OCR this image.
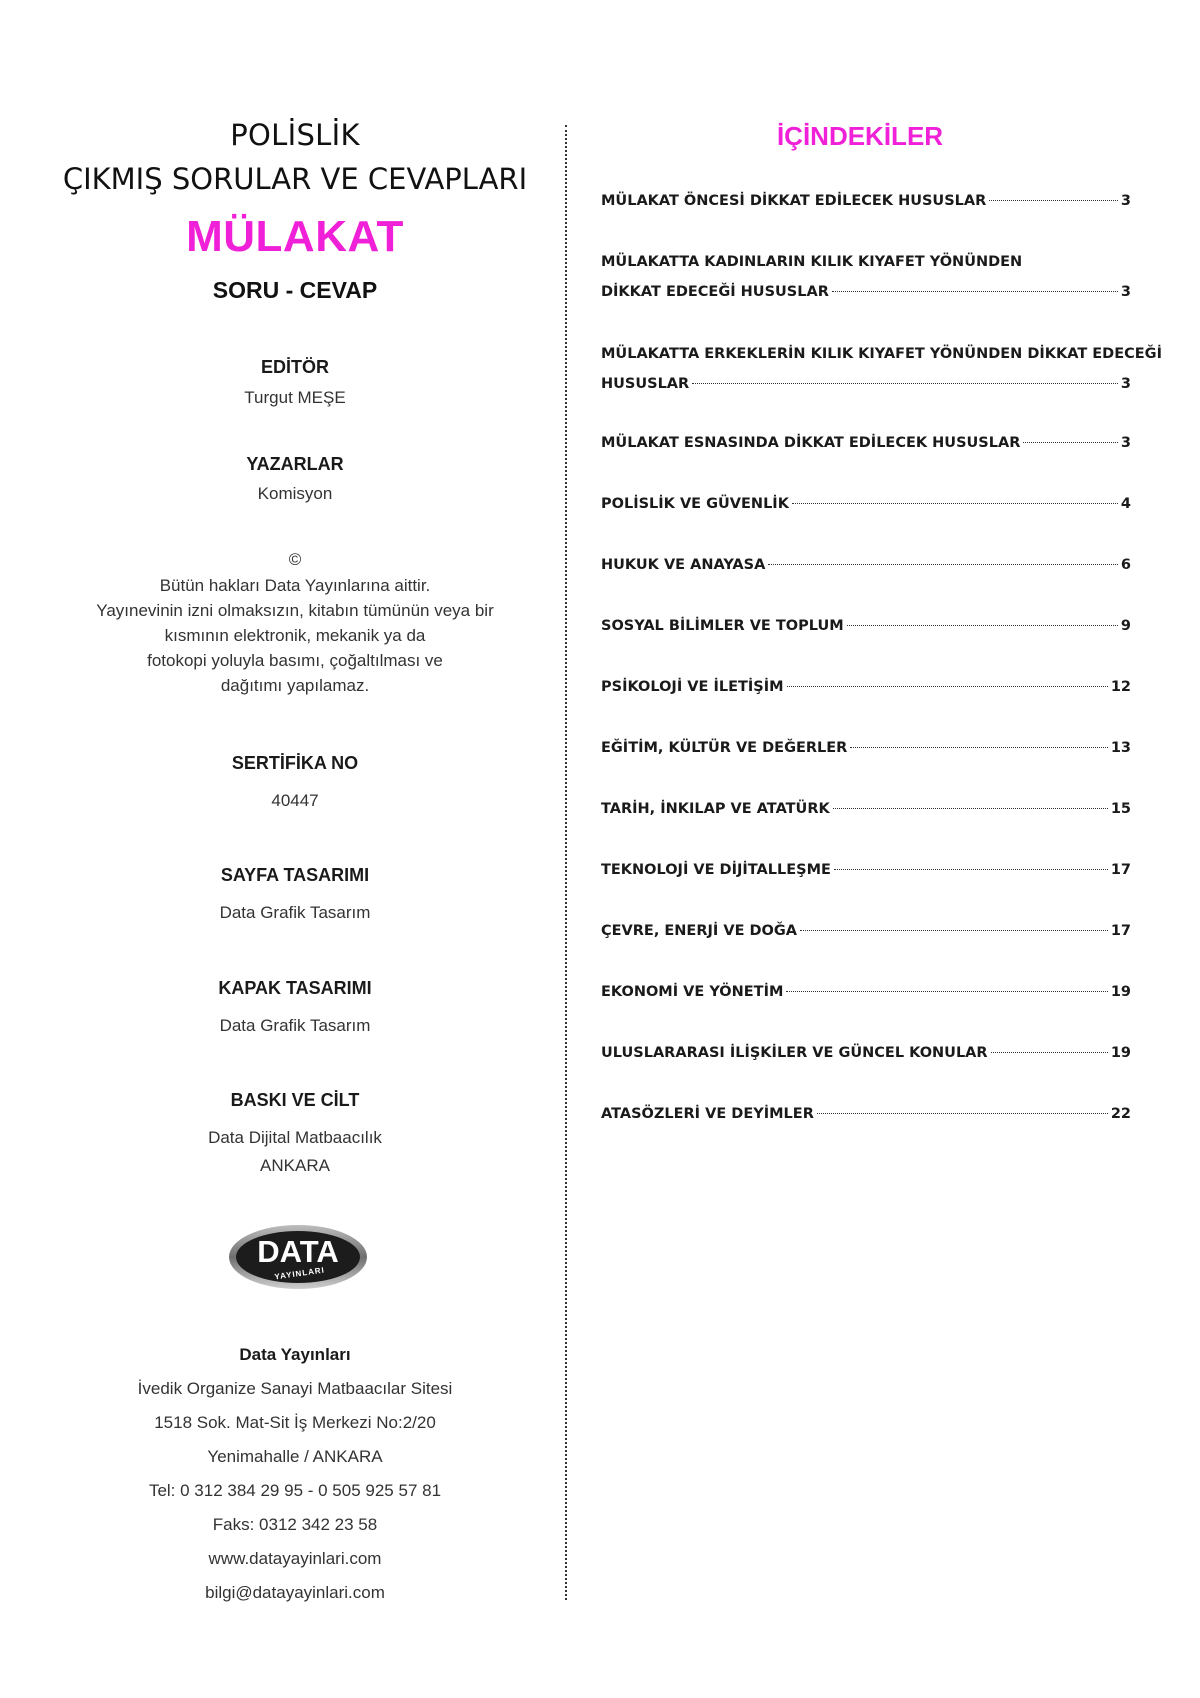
POLİSLİK
ÇIKMIŞ SORULAR VE CEVAPLARI
MÜLAKAT
SORU - CEVAP
EDİTÖR
Turgut MEŞE
YAZARLAR
Komisyon
©
Bütün hakları Data Yayınlarına aittir.
Yayınevinin izni olmaksızın, kitabın tümünün veya bir
kısmının elektronik, mekanik ya da
fotokopi yoluyla basımı, çoğaltılması ve
dağıtımı yapılamaz.
SERTİFİKA NO
40447
SAYFA TASARIMI
Data Grafik Tasarım
KAPAK TASARIMI
Data Grafik Tasarım
BASKI VE CİLT
Data Dijital Matbaacılık
ANKARA
DATA
YAYINLARI
Data Yayınları
İvedik Organize Sanayi Matbaacılar Sitesi
1518 Sok. Mat-Sit İş Merkezi No:2/20
Yenimahalle / ANKARA
Tel: 0 312 384 29 95 - 0 505 925 57 81
Faks: 0312 342 23 58
www.datayayinlari.com
bilgi@datayayinlari.com
İÇİNDEKİLER
MÜLAKAT ÖNCESİ DİKKAT EDİLECEK HUSUSLAR	3
MÜLAKATTA KADINLARIN KILIK KIYAFET YÖNÜNDEN
DİKKAT EDECEĞİ HUSUSLAR	3
MÜLAKATTA ERKEKLERİN KILIK KIYAFET YÖNÜNDEN DİKKAT EDECEĞİ
HUSUSLAR	3
MÜLAKAT ESNASINDA DİKKAT EDİLECEK HUSUSLAR	3
POLİSLİK VE GÜVENLİK	4
HUKUK VE ANAYASA	6
SOSYAL BİLİMLER VE TOPLUM	9
PSİKOLOJİ VE İLETİŞİM	12
EĞİTİM, KÜLTÜR VE DEĞERLER	13
TARİH, İNKILAP VE ATATÜRK	15
TEKNOLOJİ VE DİJİTALLEŞME	17
ÇEVRE, ENERJİ VE DOĞA	17
EKONOMİ VE YÖNETİM	19
ULUSLARARASI İLİŞKİLER VE GÜNCEL KONULAR	19
ATASÖZLERİ VE DEYİMLER	22
